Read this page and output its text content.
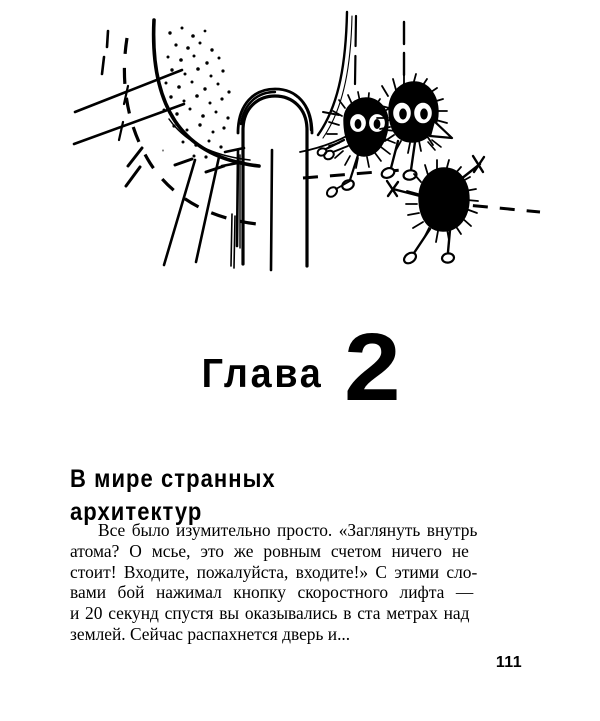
Глава 2
В мире странных
архитектур
Все было изумительно просто. «Заглянуть внутрь
атома? О мсье, это же ровным счетом ничего не
стоит! Входите, пожалуйста, входите!» С этими сло-
вами бой нажимал кнопку скоростного лифта —
и 20 секунд спустя вы оказывались в ста метрах над
землей. Сейчас распахнется дверь и...
111
